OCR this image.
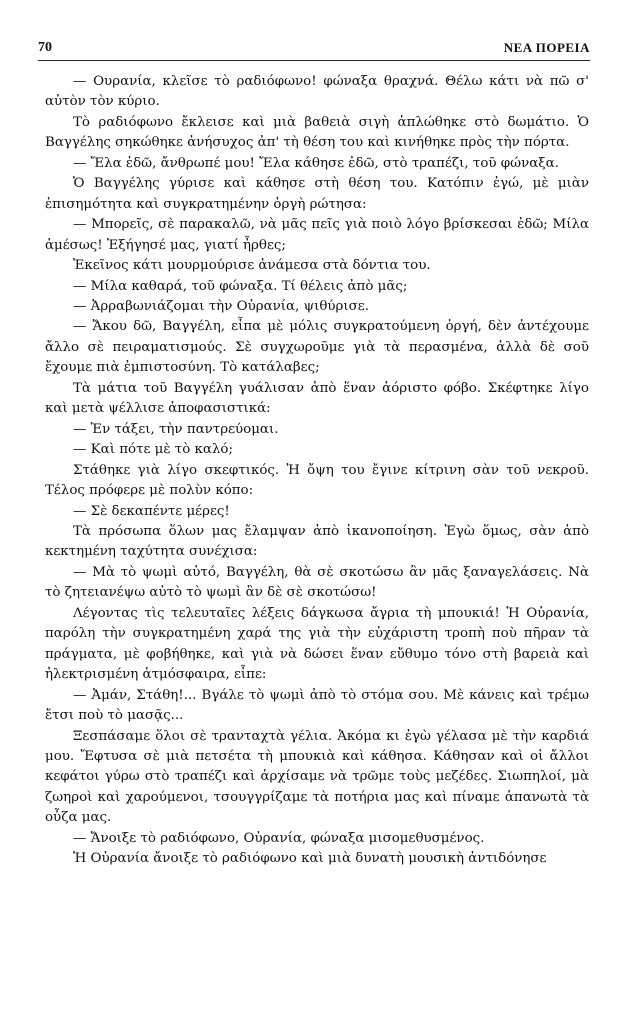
70	ΝΕΑ ΠΟΡΕΙΑ

— Ουρανία, κλεῖσε τὸ ραδιόφωνο! φώναξα θραχνά. Θέλω κάτι νὰ πῶ σ' αὐτὸν τὸν κύριο.

Τὸ ραδιόφωνο ἔκλεισε καὶ μιὰ βαθειὰ σιγὴ ἁπλώθηκε στὸ δωμάτιο. Ὁ Βαγγέλης σηκώθηκε ἀνήσυχος ἀπ' τὴ θέση του καὶ κινήθηκε πρὸς τὴν πόρτα.

— Ἔλα ἐδῶ, ἄνθρωπέ μου! Ἔλα κάθησε ἐδῶ, στὸ τραπέζι, τοῦ φώναξα.

Ὁ Βαγγέλης γύρισε καὶ κάθησε στὴ θέση του. Κατόπιν ἐγώ, μὲ μιὰν ἐπισημότητα καὶ συγκρατημένην ὀργὴ ρώτησα:

— Μπορεῖς, σὲ παρακαλῶ, νὰ μᾶς πεῖς γιὰ ποιὸ λόγο βρίσκεσαι ἐδῶ; Μίλα ἀμέσως! Ἐξήγησέ μας, γιατί ἦρθες;

Ἐκεῖνος κάτι μουρμούρισε ἀνάμεσα στὰ δόντια του.

— Μίλα καθαρά, τοῦ φώναξα. Τί θέλεις ἀπὸ μᾶς;

— Ἀρραβωνιάζομαι τὴν Οὐρανία, ψιθύρισε.

— Ἄκου δῶ, Βαγγέλη, εἶπα μὲ μόλις συγκρατούμενη ὀργή, δὲν ἀντέχουμε ἄλλο σὲ πειραματισμούς. Σὲ συγχωροῦμε γιὰ τὰ περασμένα, ἀλλὰ δὲ σοῦ ἔχουμε πιὰ ἐμπιστοσύνη. Τὸ κατάλαβες;

Τὰ μάτια τοῦ Βαγγέλη γυάλισαν ἀπὸ ἕναν ἀόριστο φόβο. Σκέφτηκε λίγο καὶ μετὰ ψέλλισε ἀποφασιστικά:

— Ἐν τάξει, τὴν παντρεύομαι.

— Καὶ πότε μὲ τὸ καλό;

Στάθηκε γιὰ λίγο σκεφτικός. Ἡ ὄψη του ἔγινε κίτρινη σὰν τοῦ νεκροῦ. Τέλος πρόφερε μὲ πολὺν κόπο:

— Σὲ δεκαπέντε μέρες!

Τὰ πρόσωπα ὅλων μας ἔλαμψαν ἀπὸ ἱκανοποίηση. Ἐγὼ ὅμως, σὰν ἀπὸ κεκτημένη ταχύτητα συνέχισα:

— Μὰ τὸ ψωμὶ αὐτό, Βαγγέλη, θὰ σὲ σκοτώσω ἂν μᾶς ξαναγελάσεις. Νὰ τὸ ζητειανέψω αὐτὸ τὸ ψωμὶ ἂν δὲ σὲ σκοτώσω!

Λέγοντας τὶς τελευταῖες λέξεις δάγκωσα ἄγρια τὴ μπουκιά! Ἡ Οὐρανία, παρόλη τὴν συγκρατημένη χαρά της γιὰ τὴν εὐχάριστη τροπὴ ποὺ πῆραν τὰ πράγματα, μὲ φοβήθηκε, καὶ γιὰ νὰ δώσει ἕναν εὔθυμο τόνο στὴ βαρειὰ καὶ ἠλεκτρισμένη ἀτμόσφαιρα, εἶπε:

— Ἀμάν, Στάθη!... Βγάλε τὸ ψωμὶ ἀπὸ τὸ στόμα σου. Μὲ κάνεις καὶ τρέμω ἔτσι ποὺ τὸ μασᾷς...

Ξεσπάσαμε ὅλοι σὲ τρανταχτὰ γέλια. Ἀκόμα κι ἐγὼ γέλασα μὲ τὴν καρδιά μου. Ἔφτυσα σὲ μιὰ πετσέτα τὴ μπουκιὰ καὶ κάθησα. Κάθησαν καὶ οἱ ἄλλοι κεφάτοι γύρω στὸ τραπέζι καὶ ἀρχίσαμε νὰ τρῶμε τοὺς μεζέδες. Σιωπηλοί, μὰ ζωηροὶ καὶ χαρούμενοι, τσουγγρίζαμε τὰ ποτήρια μας καὶ πίναμε ἀπανωτὰ τὰ οὖζα μας.

— Ἄνοιξε τὸ ραδιόφωνο, Οὐρανία, φώναξα μισομεθυσμένος.

Ἡ Οὐρανία ἄνοιξε τὸ ραδιόφωνο καὶ μιὰ δυνατὴ μουσικὴ ἀντιδόνησε
